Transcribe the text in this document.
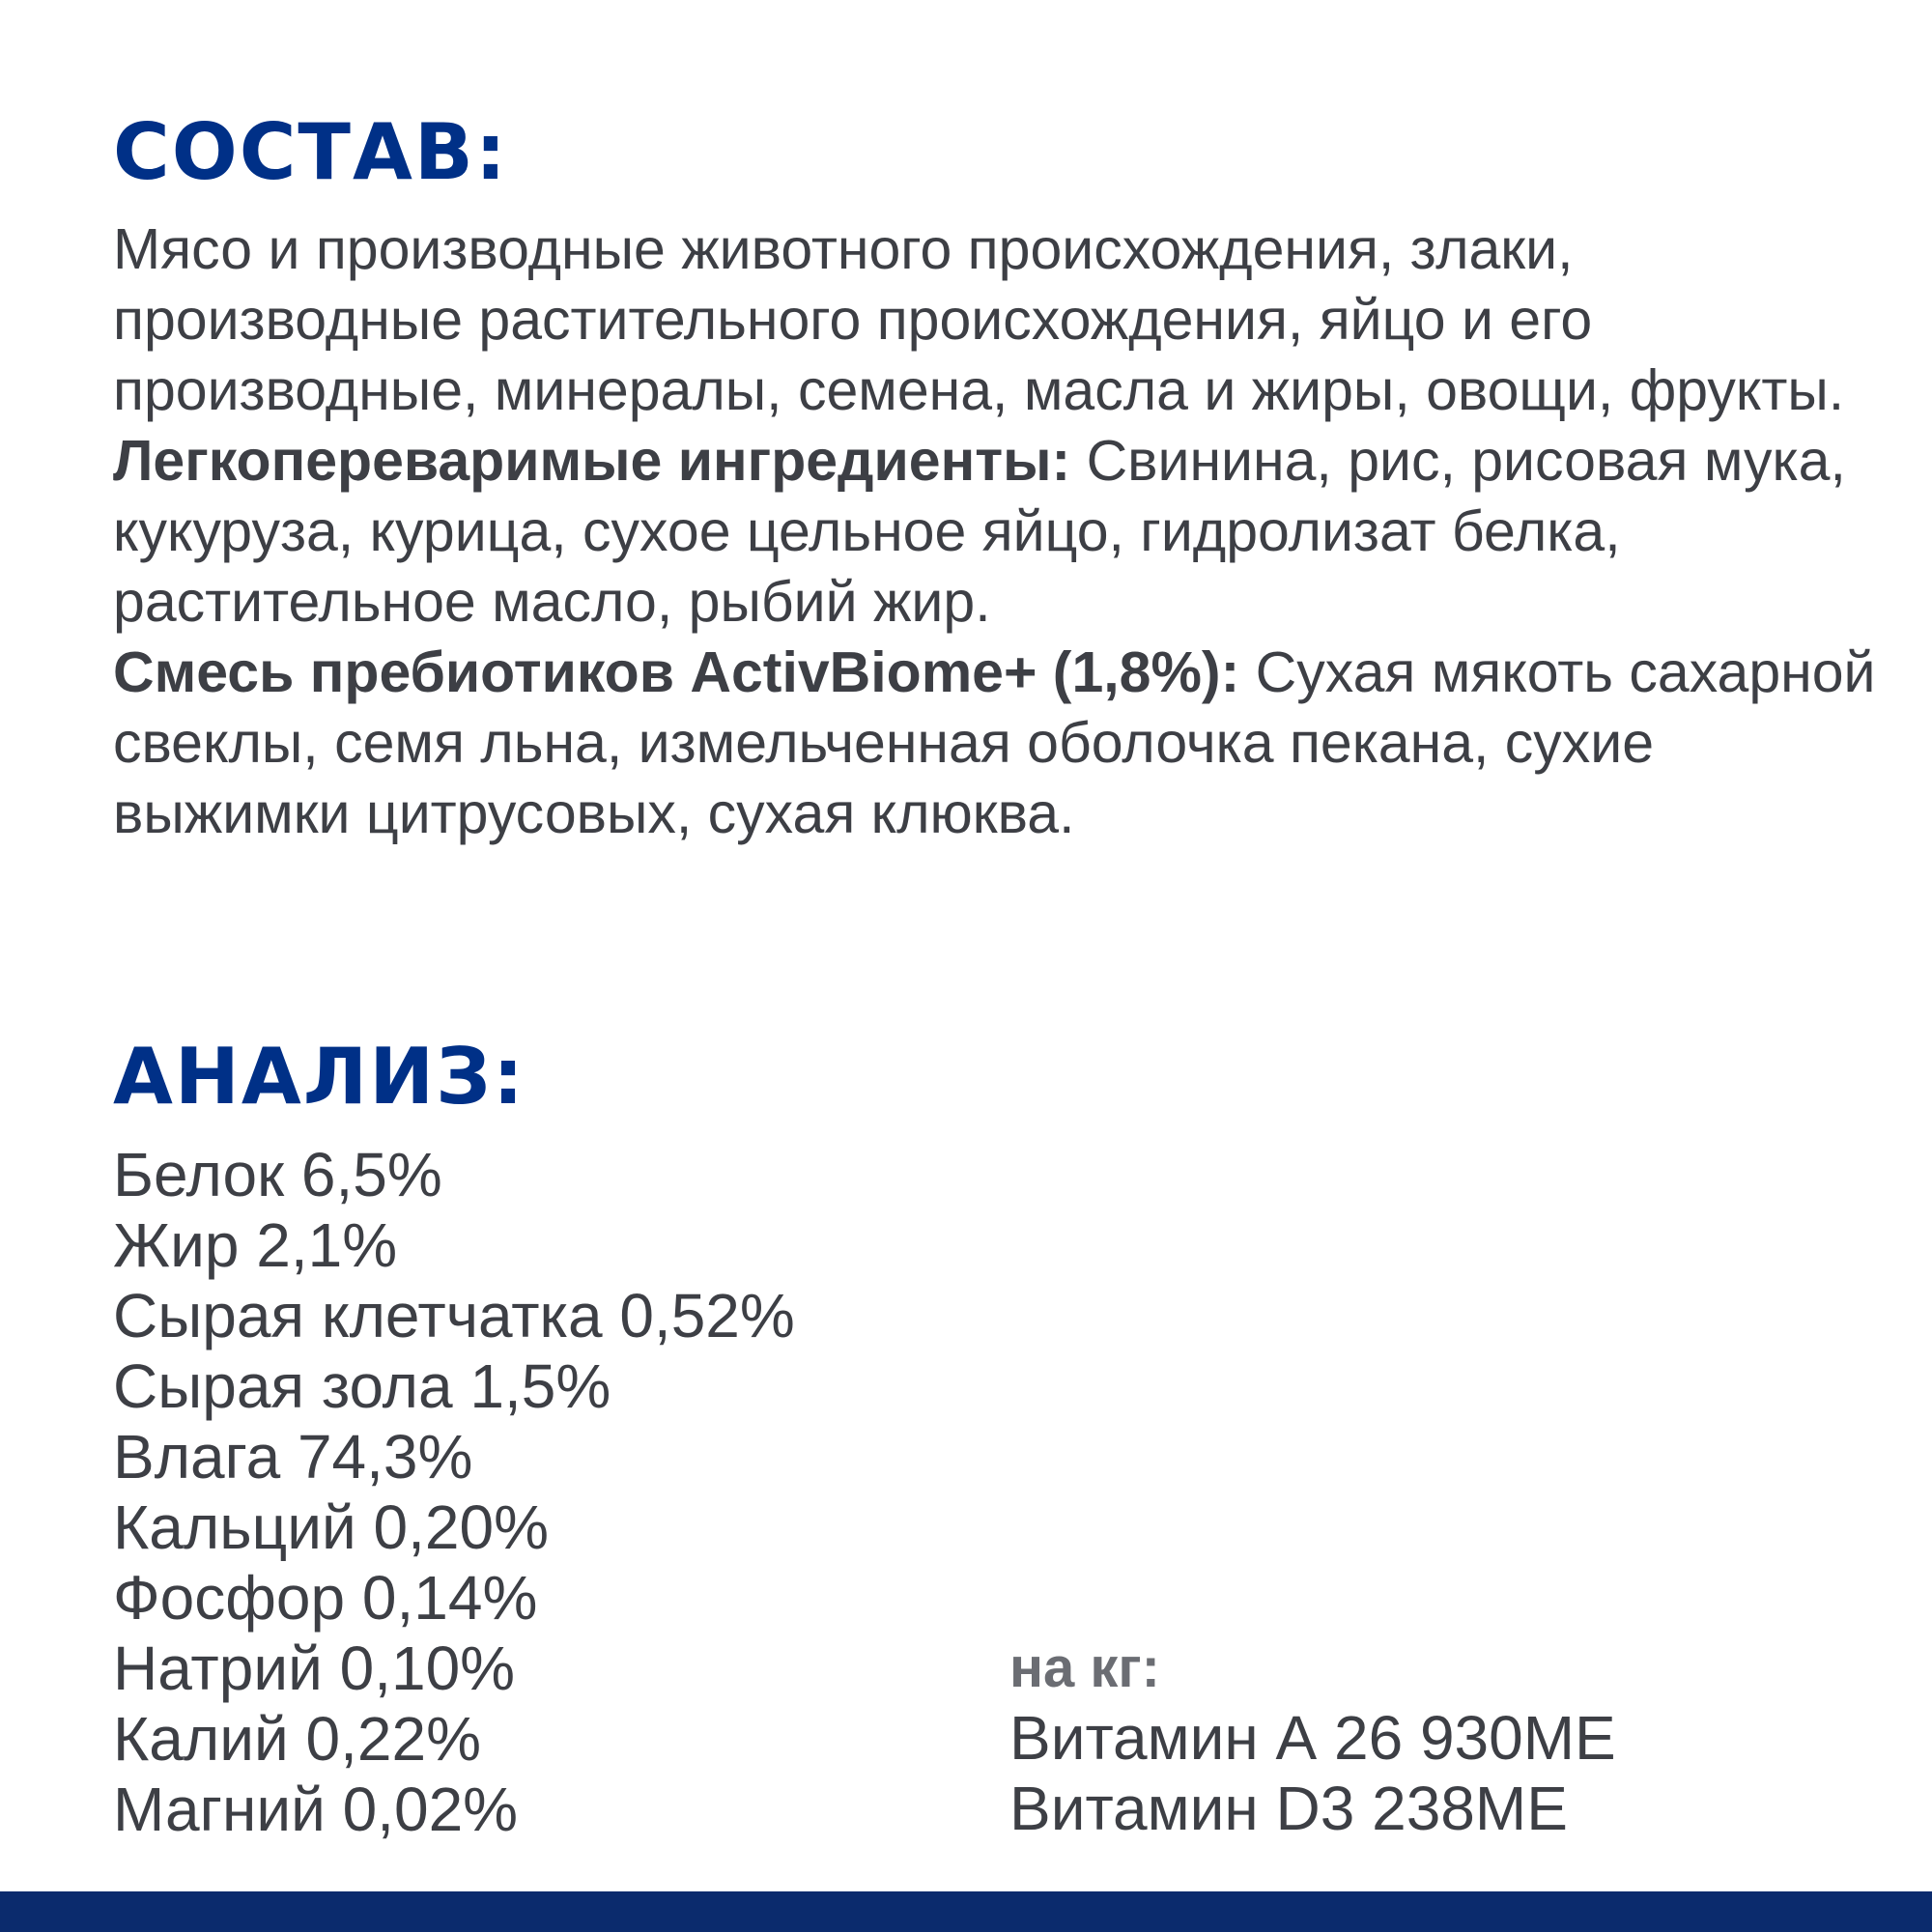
СОСТАВ:
Мясо и производные животного происхождения, злаки, производные растительного происхождения, яйцо и его производные, минералы, семена, масла и жиры, овощи, фрукты.
Легкопереваримые ингредиенты: Свинина, рис, рисовая мука, кукуруза, курица, сухое цельное яйцо, гидролизат белка, растительное масло, рыбий жир.
Смесь пребиотиков ActivBiome+ (1,8%): Сухая мякоть сахарной свеклы, семя льна, измельченная оболочка пекана, сухие выжимки цитрусовых, сухая клюква.
АНАЛИЗ:
Белок 6,5%
Жир 2,1%
Сырая клетчатка 0,52%
Сырая зола 1,5%
Влага 74,3%
Кальций 0,20%
Фосфор 0,14%
Натрий 0,10%
Калий 0,22%
Магний 0,02%
на кг:
Витамин А 26 930МЕ
Витамин D3 238МЕ
